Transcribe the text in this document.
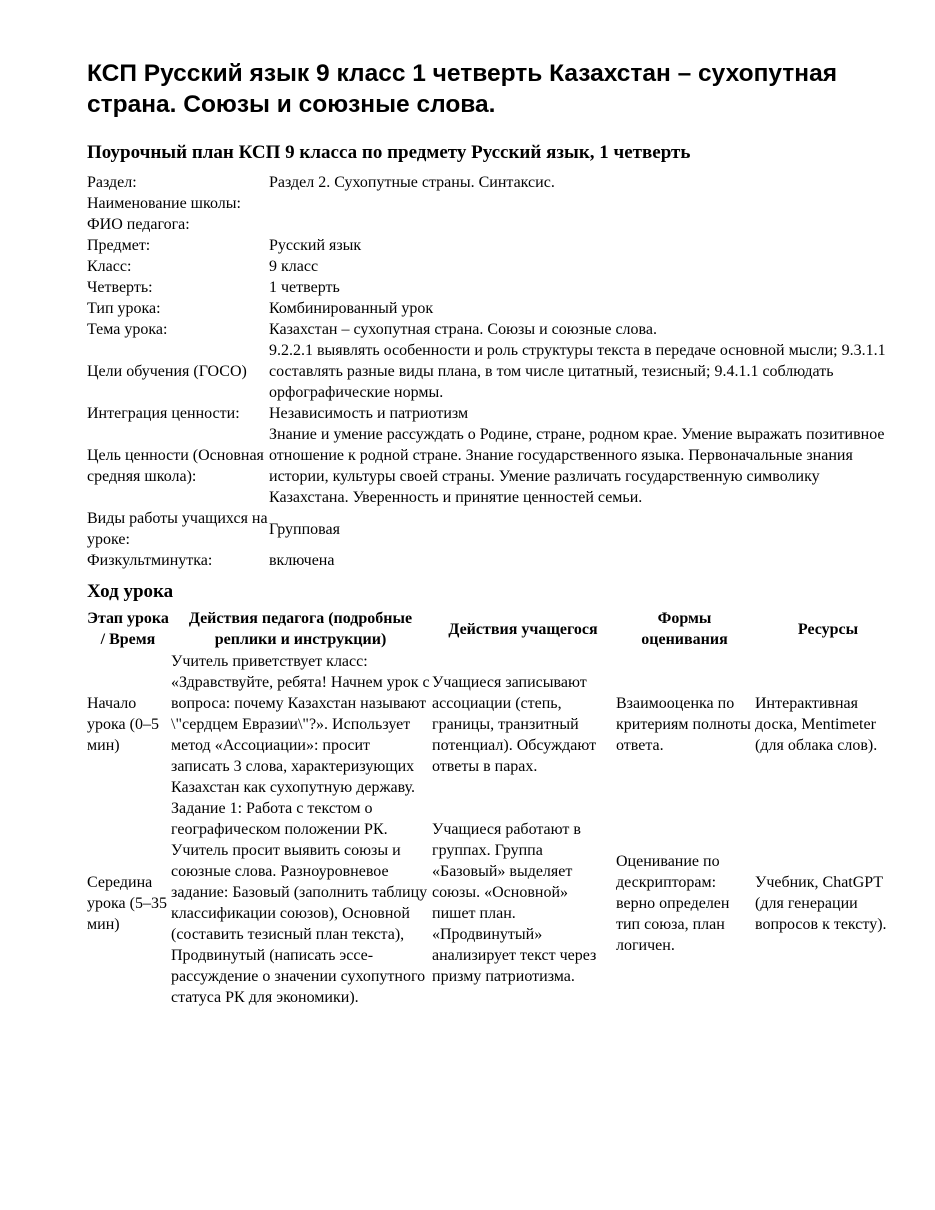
КСП Русский язык 9 класс 1 четверть Казахстан – сухопутная страна. Союзы и союзные слова.
Поурочный план КСП 9 класса по предмету Русский язык, 1 четверть
Раздел:	Раздел 2. Сухопутные страны. Синтаксис.
Наименование школы:	
ФИО педагога:	
Предмет:	Русский язык
Класс:	9 класс
Четверть:	1 четверть
Тип урока:	Комбинированный урок
Тема урока:	Казахстан – сухопутная страна. Союзы и союзные слова.
Цели обучения (ГОСО)	9.2.2.1 выявлять особенности и роль структуры текста в передаче основной мысли; 9.3.1.1 составлять разные виды плана, в том числе цитатный, тезисный; 9.4.1.1 соблюдать орфографические нормы.
Интеграция ценности:	Независимость и патриотизм
Цель ценности (Основная средняя школа):	Знание и умение рассуждать о Родине, стране, родном крае. Умение выражать позитивное отношение к родной стране. Знание государственного языка. Первоначальные знания истории, культуры своей страны. Умение различать государственную символику Казахстана. Уверенность и принятие ценностей семьи.
Виды работы учащихся на уроке:	Групповая
Физкультминутка:	включена
Ход урока
Этап урока / Время	Действия педагога (подробные реплики и инструкции)	Действия учащегося	Формы оценивания	Ресурсы
Начало урока (0–5 мин)	Учитель приветствует класс: «Здравствуйте, ребята! Начнем урок с вопроса: почему Казахстан называют \"сердцем Евразии\"?». Использует метод «Ассоциации»: просит записать 3 слова, характеризующих Казахстан как сухопутную державу.	Учащиеся записывают ассоциации (степь, границы, транзитный потенциал). Обсуждают ответы в парах.	Взаимооценка по критериям полноты ответа.	Интерактивная доска, Mentimeter (для облака слов).
Середина урока (5–35 мин)	Задание 1: Работа с текстом о географическом положении РК. Учитель просит выявить союзы и союзные слова. Разноуровневое задание: Базовый (заполнить таблицу классификации союзов), Основной (составить тезисный план текста), Продвинутый (написать эссе-рассуждение о значении сухопутного статуса РК для экономики).	Учащиеся работают в группах. Группа «Базовый» выделяет союзы. «Основной» пишет план. «Продвинутый» анализирует текст через призму патриотизма.	Оценивание по дескрипторам: верно определен тип союза, план логичен.	Учебник, ChatGPT (для генерации вопросов к тексту).
